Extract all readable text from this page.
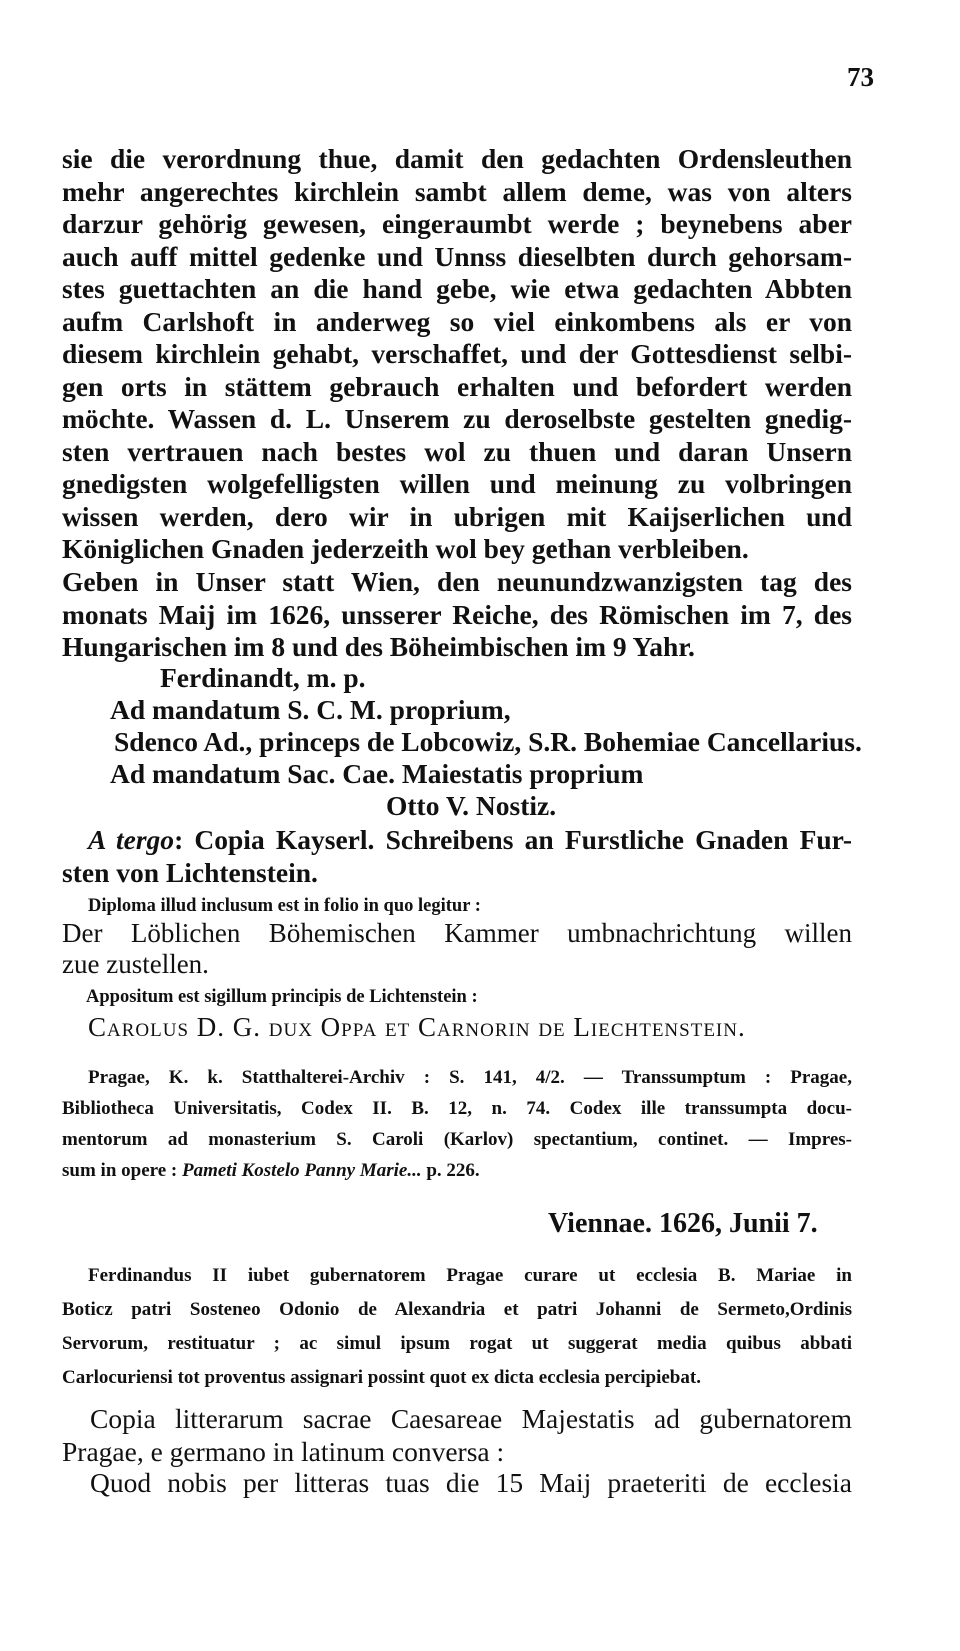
73
sie die verordnung thue, damit den gedachten Ordensleuthen
mehr angerechtes kirchlein sambt allem deme, was von alters
darzur gehörig gewesen, eingeraumbt werde ; beynebens aber
auch auff mittel gedenke und Unnss dieselbten durch gehorsam-
stes guettachten an die hand gebe, wie etwa gedachten Abbten
aufm Carlshoft in anderweg so viel einkombens als er von
diesem kirchlein gehabt, verschaffet, und der Gottesdienst selbi-
gen orts in stättem gebrauch erhalten und befordert werden
möchte. Wassen d. L. Unserem zu deroselbste gestelten gnedig-
sten vertrauen nach bestes wol zu thuen und daran Unsern
gnedigsten wolgefelligsten willen und meinung zu volbringen
wissen werden, dero wir in ubrigen mit Kaijserlichen und
Königlichen Gnaden jederzeith wol bey gethan verbleiben.
Geben in Unser statt Wien, den neunundzwanzigsten tag des
monats Maij im 1626, unsserer Reiche, des Römischen im 7, des
Hungarischen im 8 und des Böheimbischen im 9 Yahr.
Ferdinandt, m. p.
Ad mandatum S. C. M. proprium,
Sdenco Ad., princeps de Lobcowiz, S.R. Bohemiae Cancellarius.
Ad mandatum Sac. Cae. Maiestatis proprium
Otto V. Nostiz.
A tergo: Copia Kayserl. Schreibens an Furstliche Gnaden Fur-
sten von Lichtenstein.
Diploma illud inclusum est in folio in quo legitur :
Der Löblichen Böhemischen Kammer umbnachrichtung willen
zue zustellen.
Appositum est sigillum principis de Lichtenstein :
Carolus D. G. dux Oppa et Carnorin de Liechtenstein.
Pragae, K. k. Statthalterei-Archiv : S. 141, 4/2. — Transsumptum : Pragae,
Bibliotheca Universitatis, Codex II. B. 12, n. 74. Codex ille transsumpta docu-
mentorum ad monasterium S. Caroli (Karlov) spectantium, continet. — Impres-
sum in opere : Pameti Kostelo Panny Marie... p. 226.
Viennae. 1626, Junii 7.
Ferdinandus II iubet gubernatorem Pragae curare ut ecclesia B. Mariae in
Boticz patri Sosteneo Odonio de Alexandria et patri Johanni de Sermeto,Ordinis
Servorum, restituatur ; ac simul ipsum rogat ut suggerat media quibus abbati
Carlocuriensi tot proventus assignari possint quot ex dicta ecclesia percipiebat.
Copia litterarum sacrae Caesareae Majestatis ad gubernatorem
Pragae, e germano in latinum conversa :
Quod nobis per litteras tuas die 15 Maij praeteriti de ecclesia
